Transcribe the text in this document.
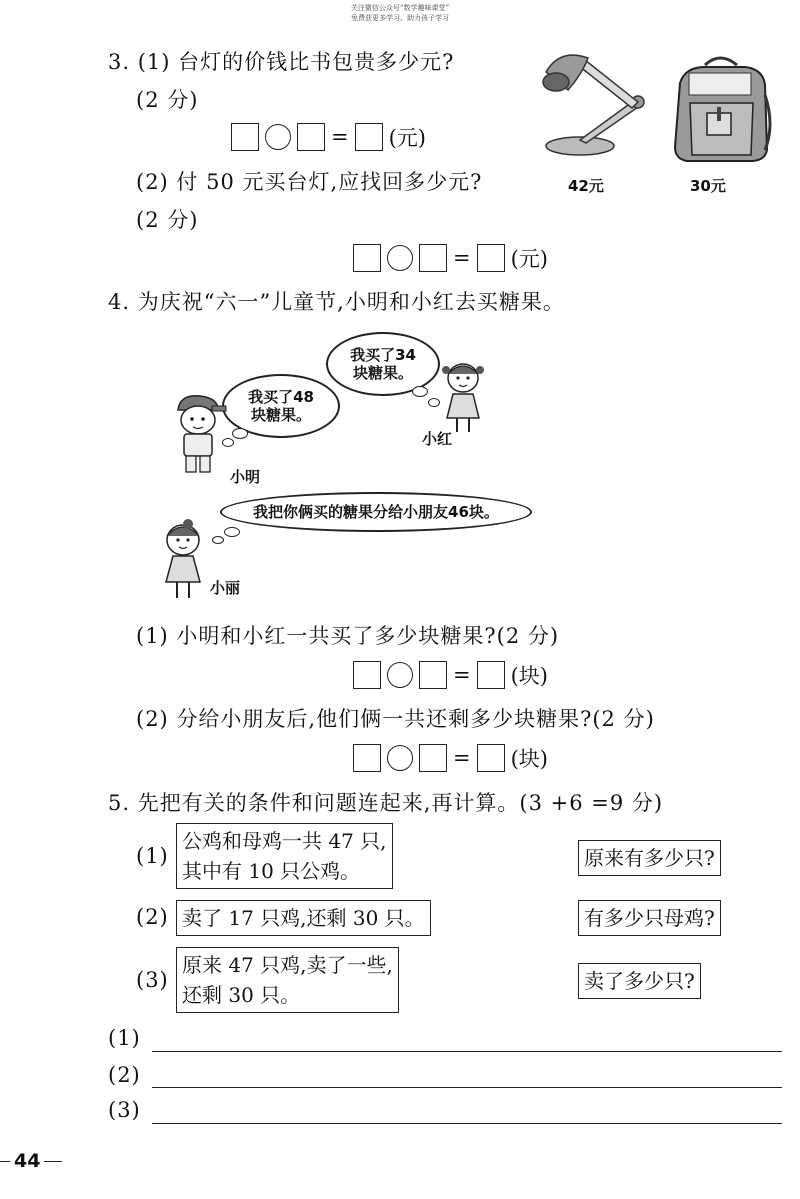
关注微信公众号“数学趣味课堂”
免费获更多学习、助力孩子学习
3. (1) 台灯的价钱比书包贵多少元?
(2 分)
= (元)
(2) 付 50 元买台灯,应找回多少元?
(2 分)
= (元)
42元	30元
4. 为庆祝“六一”儿童节,小明和小红去买糖果。
我买了48
块糖果。
我买了34
块糖果。
小明
小红
我把你俩买的糖果分给小朋友46块。
小丽
(1) 小明和小红一共买了多少块糖果?(2 分)
= (块)
(2) 分给小朋友后,他们俩一共还剩多少块糖果?(2 分)
= (块)
5. 先把有关的条件和问题连起来,再计算。(3 +6 =9 分)
(1)
公鸡和母鸡一共 47 只,
其中有 10 只公鸡。
(2) 卖了 17 只鸡,还剩 30 只。
(3)
原来 47 只鸡,卖了一些,
还剩 30 只。
原来有多少只?
有多少只母鸡?
卖了多少只?
(1)
(2)
(3)
44
